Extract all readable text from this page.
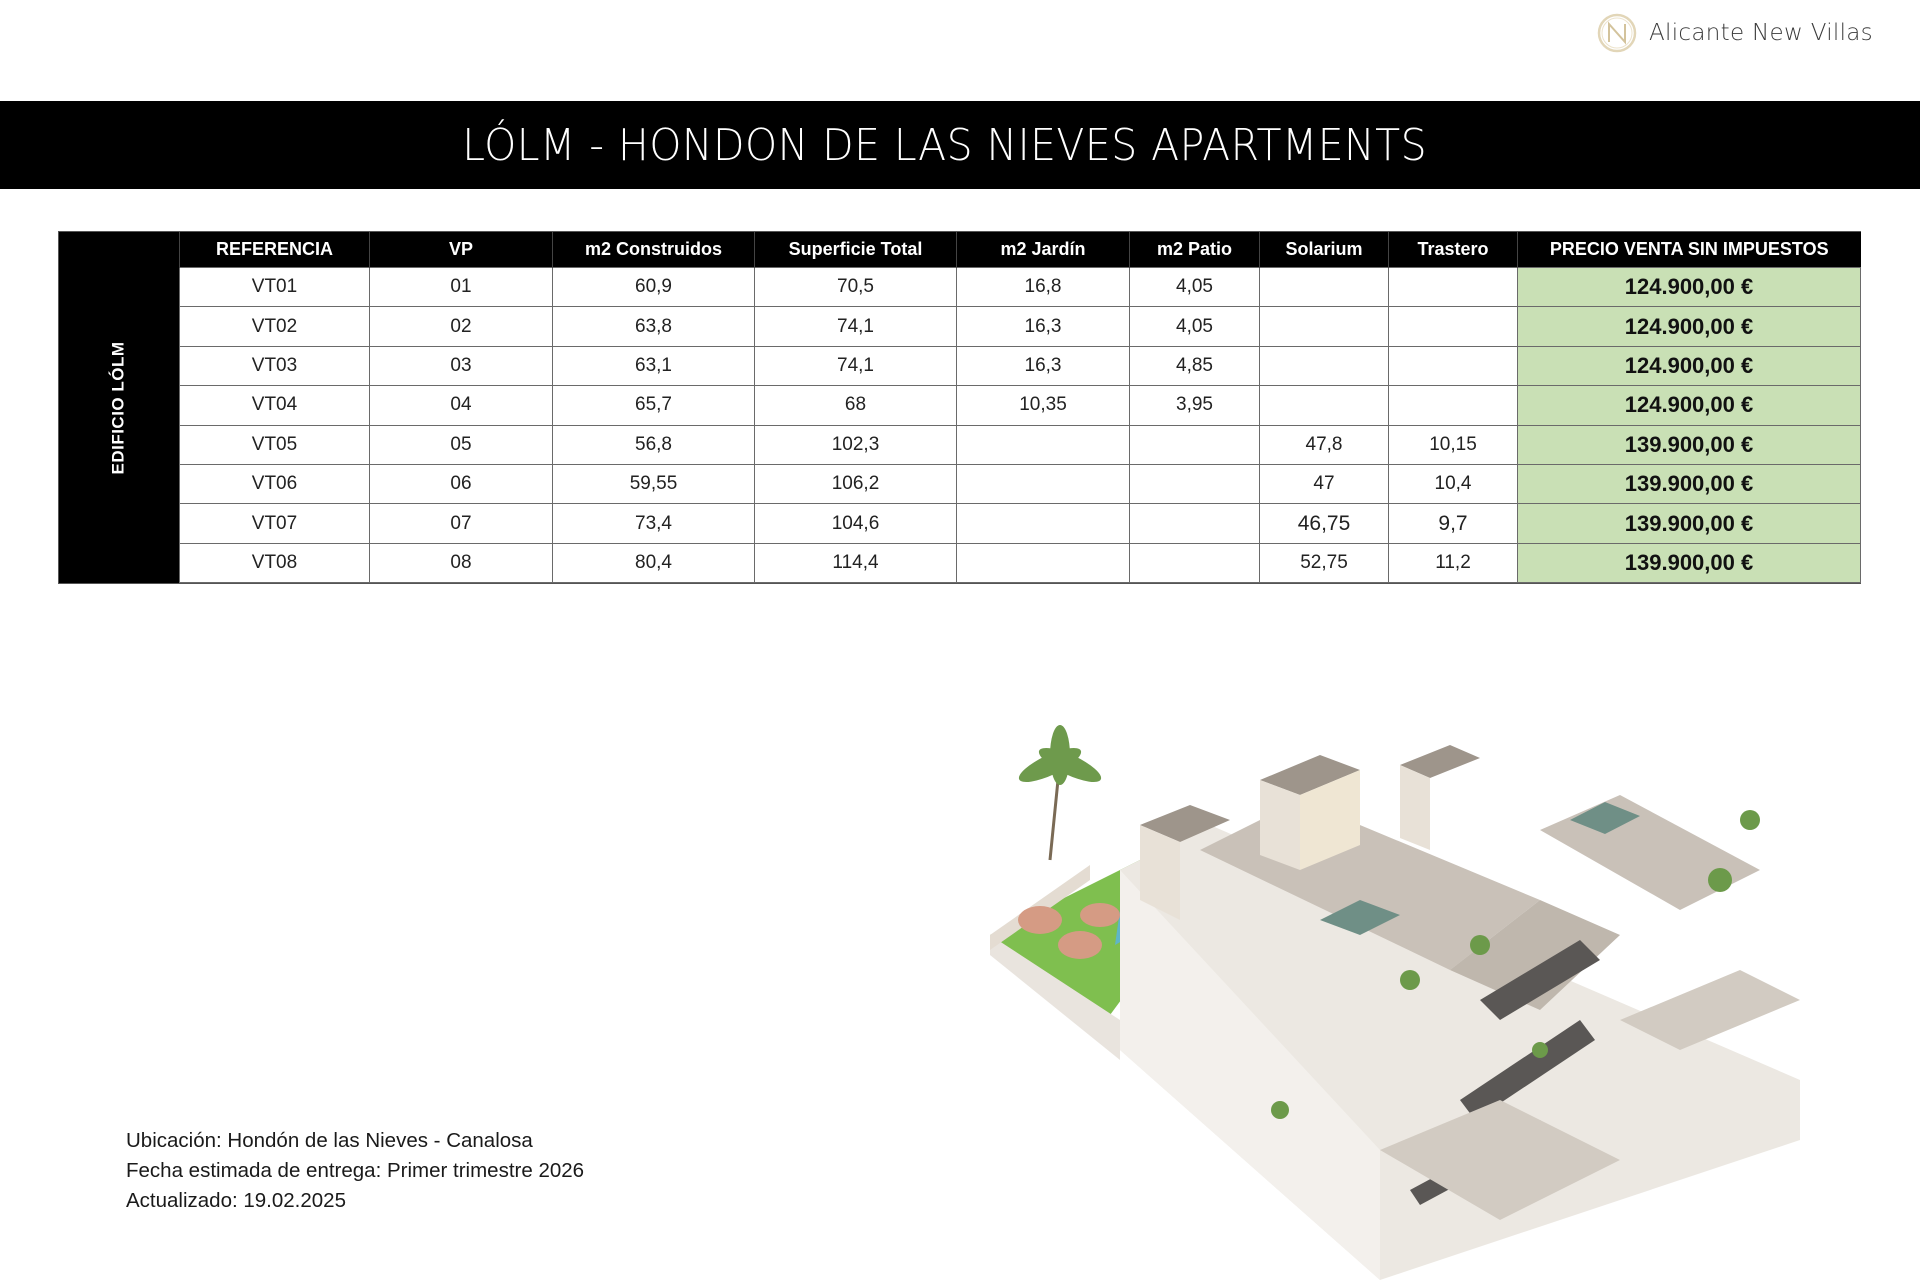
Alicante New Villas
LÓLM - HONDON DE LAS NIEVES APARTMENTS
EDIFICIO LÓLM
REFERENCIA	VP	m2 Construidos	Superficie Total	m2 Jardín	m2 Patio	Solarium	Trastero	PRECIO VENTA SIN IMPUESTOS
VT01	01	60,9	70,5	16,8	4,05			124.900,00 €
VT02	02	63,8	74,1	16,3	4,05			124.900,00 €
VT03	03	63,1	74,1	16,3	4,85			124.900,00 €
VT04	04	65,7	68	10,35	3,95			124.900,00 €
VT05	05	56,8	102,3			47,8	10,15	139.900,00 €
VT06	06	59,55	106,2			47	10,4	139.900,00 €
VT07	07	73,4	104,6			46,75	9,7	139.900,00 €
VT08	08	80,4	114,4			52,75	11,2	139.900,00 €
Ubicación: Hondón de las Nieves - Canalosa
Fecha estimada de entrega: Primer trimestre 2026
Actualizado: 19.02.2025
